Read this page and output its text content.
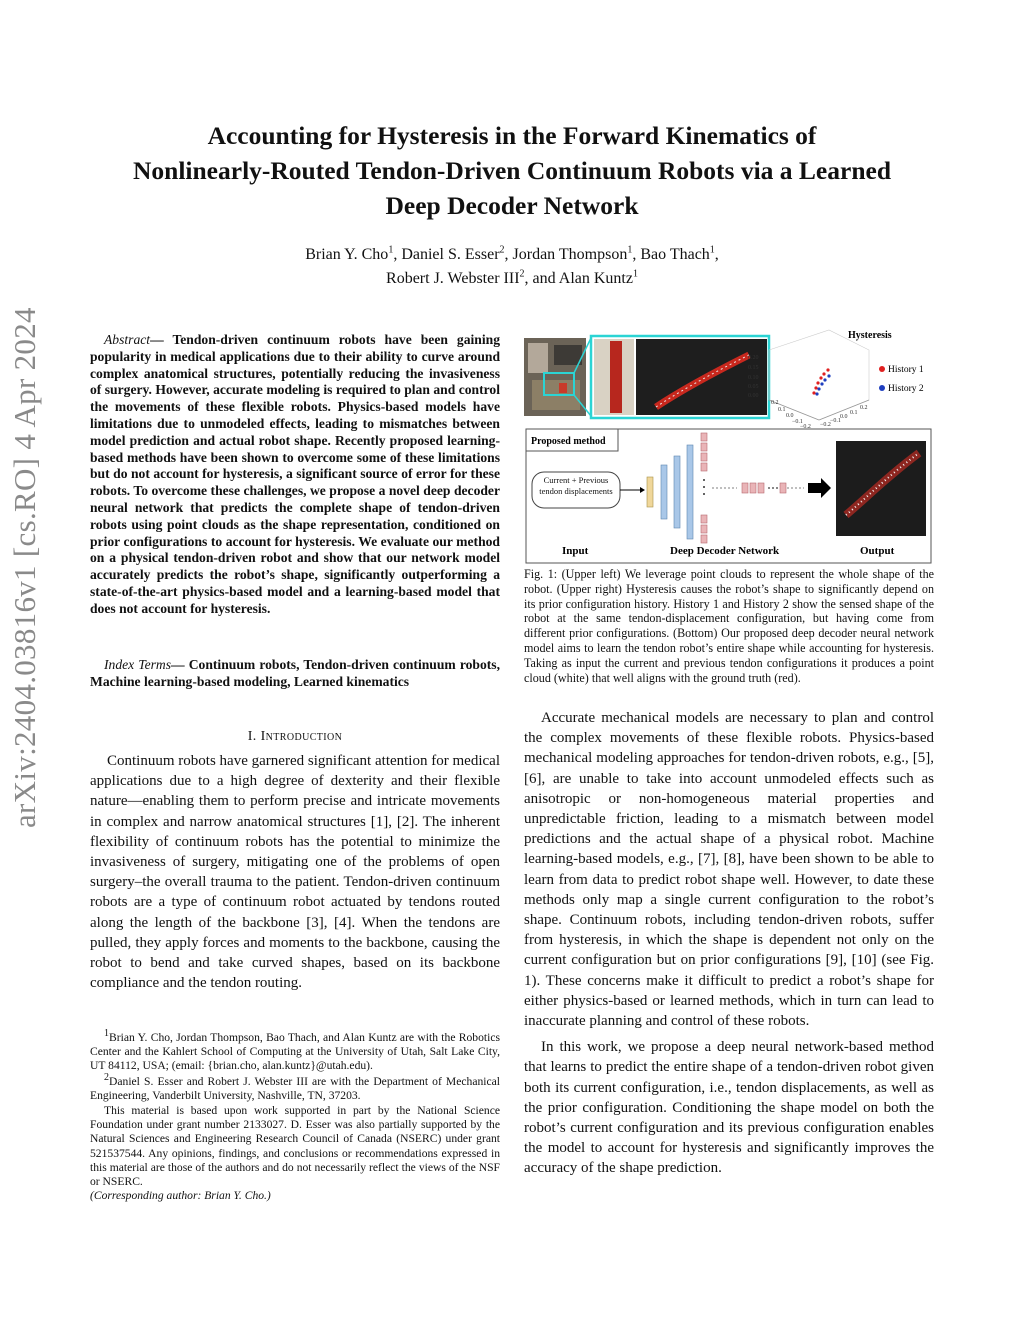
arXiv:2404.03816v1 [cs.RO] 4 Apr 2024
Accounting for Hysteresis in the Forward Kinematics of
Nonlinearly-Routed Tendon-Driven Continuum Robots via a Learned
Deep Decoder Network
Brian Y. Cho$^1$, Daniel S. Esser$^2$, Jordan Thompson$^1$, Bao Thach$^1$,
Robert J. Webster III$^2$, and Alan Kuntz$^1$
Abstract— Tendon-driven continuum robots have been gaining popularity in medical applications due to their ability to curve around complex anatomical structures, potentially reducing the invasiveness of surgery. However, accurate modeling is required to plan and control the movements of these flexible robots. Physics-based models have limitations due to unmodeled effects, leading to mismatches between model prediction and actual robot shape. Recently proposed learning-based methods have been shown to overcome some of these limitations but do not account for hysteresis, a significant source of error for these robots. To overcome these challenges, we propose a novel deep decoder neural network that predicts the complete shape of tendon-driven robots using point clouds as the shape representation, conditioned on prior configurations to account for hysteresis. We evaluate our method on a physical tendon-driven robot and show that our network model accurately predicts the robot’s shape, significantly outperforming a state-of-the-art physics-based model and a learning-based model that does not account for hysteresis.
Index Terms— Continuum robots, Tendon-driven continuum robots, Machine learning-based modeling, Learned kinematics
I. Introduction

Continuum robots have garnered significant attention for medical applications due to a high degree of dexterity and their flexible nature—enabling them to perform precise and intricate movements in complex and narrow anatomical structures [1], [2]. The inherent flexibility of continuum robots has the potential to minimize the invasiveness of surgery, mitigating one of the problems of open surgery–the overall trauma to the patient. Tendon-driven continuum robots are a type of continuum robot actuated by tendons routed along the length of the backbone [3], [4]. When the tendons are pulled, they apply forces and moments to the backbone, causing the robot to bend and take curved shapes, based on its backbone compliance and the tendon routing.

$^1$Brian Y. Cho, Jordan Thompson, Bao Thach, and Alan Kuntz are with the Robotics Center and the Kahlert School of Computing at the University of Utah, Salt Lake City, UT 84112, USA; (email: {brian.cho, alan.kuntz}@utah.edu).

$^2$Daniel S. Esser and Robert J. Webster III are with the Department of Mechanical Engineering, Vanderbilt University, Nashville, TN, 37203.

This material is based upon work supported in part by the National Science Foundation under grant number 2133027. D. Esser was also partially supported by the Natural Sciences and Engineering Research Council of Canada (NSERC) under grant 521537544. Any opinions, findings, and conclusions or recommendations expressed in this material are those of the authors and do not necessarily reflect the views of the NSF or NSERC.
(Corresponding author: Brian Y. Cho.)

Hysteresis
0.20
0.15
0.10
0.05
0.00
0.2
0.1
0.0
−0.1
−0.2
0.2
0.1
0.0
−0.1
−0.2
History 1
History 2
Proposed method
Current + Previous tendon displacements
Input	Deep Decoder Network	Output
Fig. 1: (Upper left) We leverage point clouds to represent the whole shape of the robot. (Upper right) Hysteresis causes the robot’s shape to significantly depend on its prior configuration history. History 1 and History 2 show the sensed shape of the robot at the same tendon-displacement configuration, but having come from different prior configurations. (Bottom) Our proposed deep decoder neural network model aims to learn the tendon robot’s entire shape while accounting for hysteresis. Taking as input the current and previous tendon configurations it produces a point cloud (white) that well aligns with the ground truth (red).

Accurate mechanical models are necessary to plan and control the complex movements of these flexible robots. Physics-based mechanical modeling approaches for tendon-driven robots, e.g., [5], [6], are unable to take into account unmodeled effects such as anisotropic or non-homogeneous material properties and unpredictable friction, leading to a mismatch between model predictions and the actual shape of a physical robot. Machine learning-based models, e.g., [7], [8], have been shown to be able to learn from data to predict robot shape well. However, to date these methods only map a single current configuration to the robot’s shape. Continuum robots, including tendon-driven robots, suffer from hysteresis, in which the shape is dependent not only on the current configuration but on prior configurations [9], [10] (see Fig. 1). These concerns make it difficult to predict a robot’s shape for either physics-based or learned methods, which in turn can lead to inaccurate planning and control of these robots.

In this work, we propose a deep neural network-based method that learns to predict the entire shape of a tendon-driven robot given both its current configuration, i.e., tendon displacements, as well as the prior configuration. Conditioning the shape model on both the robot’s current configuration and its previous configuration enables the model to account for hysteresis and significantly improves the accuracy of the shape prediction.
